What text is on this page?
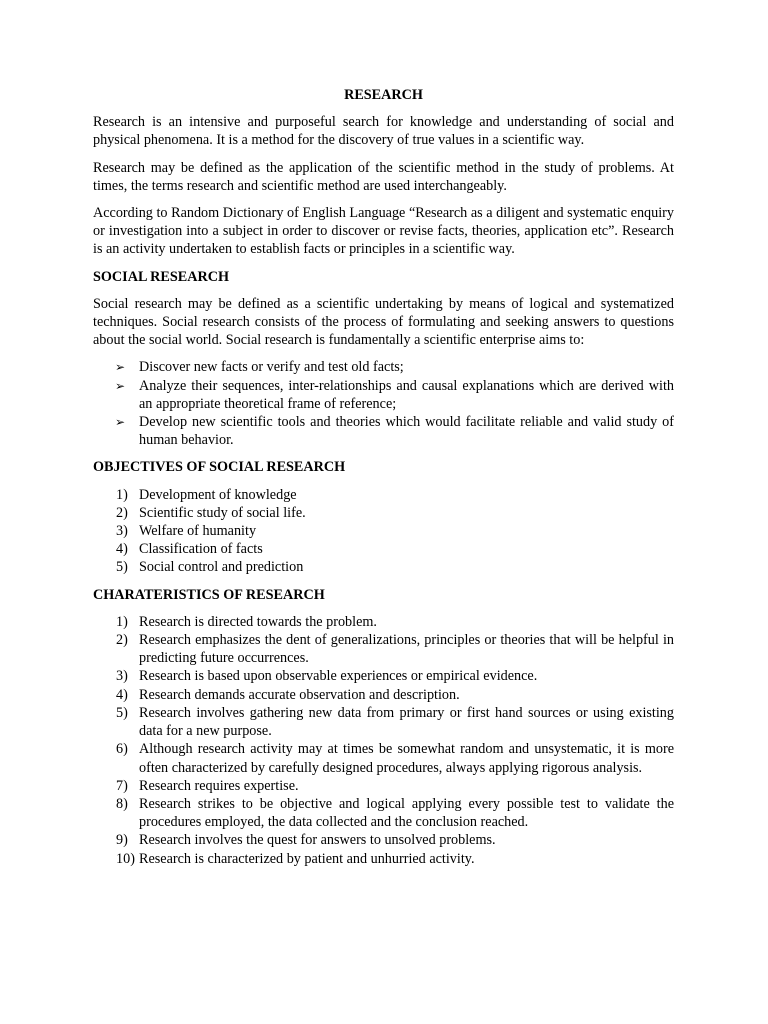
RESEARCH

Research is an intensive and purposeful search for knowledge and understanding of social and physical phenomena. It is a method for the discovery of true values in a scientific way.

Research may be defined as the application of the scientific method in the study of problems. At times, the terms research and scientific method are used interchangeably.

According to Random Dictionary of English Language “Research as a diligent and systematic enquiry or investigation into a subject in order to discover or revise facts, theories, application etc”. Research is an activity undertaken to establish facts or principles in a scientific way.

SOCIAL RESEARCH

Social research may be defined as a scientific undertaking by means of logical and systematized techniques. Social research consists of the process of formulating and seeking answers to questions about the social world. Social research is fundamentally a scientific enterprise aims to:

➢ Discover new facts or verify and test old facts;
➢ Analyze their sequences, inter-relationships and causal explanations which are derived with an appropriate theoretical frame of reference;
➢ Develop new scientific tools and theories which would facilitate reliable and valid study of human behavior.
OBJECTIVES OF SOCIAL RESEARCH
1) Development of knowledge
2) Scientific study of social life.
3) Welfare of humanity
4) Classification of facts
5) Social control and prediction
CHARATERISTICS OF RESEARCH
1) Research is directed towards the problem.
2) Research emphasizes the dent of generalizations, principles or theories that will be helpful in predicting future occurrences.
3) Research is based upon observable experiences or empirical evidence.
4) Research demands accurate observation and description.
5) Research involves gathering new data from primary or first hand sources or using existing data for a new purpose.
6) Although research activity may at times be somewhat random and unsystematic, it is more often characterized by carefully designed procedures, always applying rigorous analysis.
7) Research requires expertise.
8) Research strikes to be objective and logical applying every possible test to validate the procedures employed, the data collected and the conclusion reached.
9) Research involves the quest for answers to unsolved problems.
10) Research is characterized by patient and unhurried activity.
